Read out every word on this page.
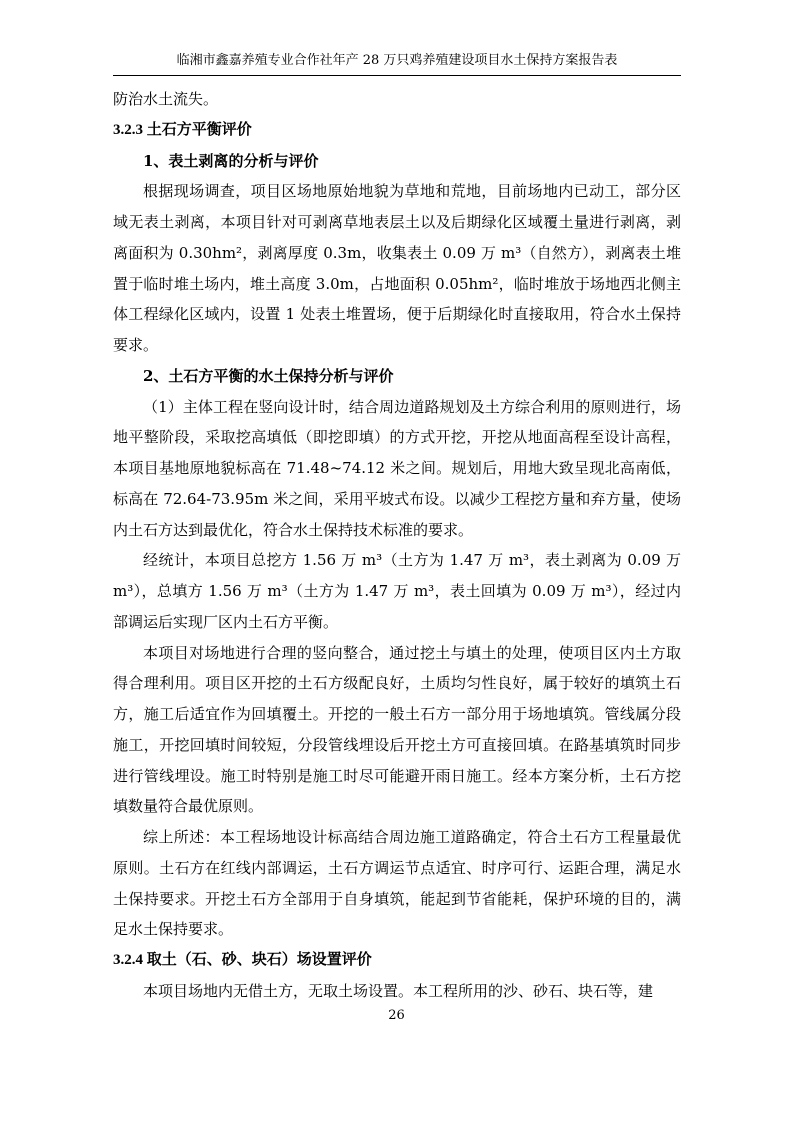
临湘市鑫嘉养殖专业合作社年产 28 万只鸡养殖建设项目水土保持方案报告表

防治水土流失。

3.2.3 土石方平衡评价

1、表土剥离的分析与评价

根据现场调查，项目区场地原始地貌为草地和荒地，目前场地内已动工，部分区域无表土剥离，本项目针对可剥离草地表层土以及后期绿化区域覆土量进行剥离，剥离面积为 0.30hm²，剥离厚度 0.3m，收集表土 0.09 万 m³（自然方），剥离表土堆置于临时堆土场内，堆土高度 3.0m，占地面积 0.05hm²，临时堆放于场地西北侧主体工程绿化区域内，设置 1 处表土堆置场，便于后期绿化时直接取用，符合水土保持要求。

2、土石方平衡的水土保持分析与评价

（1）主体工程在竖向设计时，结合周边道路规划及土方综合利用的原则进行，场地平整阶段，采取挖高填低（即挖即填）的方式开挖，开挖从地面高程至设计高程，本项目基地原地貌标高在 71.48~74.12 米之间。规划后，用地大致呈现北高南低，标高在 72.64-73.95m 米之间，采用平坡式布设。以减少工程挖方量和弃方量，使场内土石方达到最优化，符合水土保持技术标准的要求。

经统计，本项目总挖方 1.56 万 m³（土方为 1.47 万 m³，表土剥离为 0.09 万 m³），总填方 1.56 万 m³（土方为 1.47 万 m³，表土回填为 0.09 万 m³），经过内部调运后实现厂区内土石方平衡。

本项目对场地进行合理的竖向整合，通过挖土与填土的处理，使项目区内土方取得合理利用。项目区开挖的土石方级配良好，土质均匀性良好，属于较好的填筑土石方，施工后适宜作为回填覆土。开挖的一般土石方一部分用于场地填筑。管线属分段施工，开挖回填时间较短，分段管线埋设后开挖土方可直接回填。在路基填筑时同步进行管线埋设。施工时特别是施工时尽可能避开雨日施工。经本方案分析，土石方挖填数量符合最优原则。

综上所述：本工程场地设计标高结合周边施工道路确定，符合土石方工程量最优原则。土石方在红线内部调运，土石方调运节点适宜、时序可行、运距合理，满足水土保持要求。开挖土石方全部用于自身填筑，能起到节省能耗，保护环境的目的，满足水土保持要求。

3.2.4 取土（石、砂、块石）场设置评价

本项目场地内无借土方，无取土场设置。本工程所用的沙、砂石、块石等，建

26
